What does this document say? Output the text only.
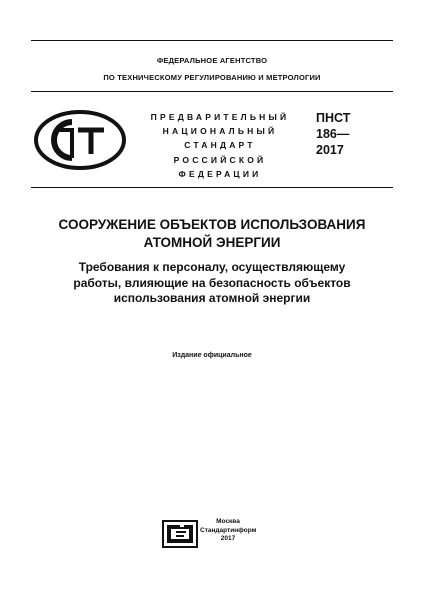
ФЕДЕРАЛЬНОЕ АГЕНТСТВО
ПО ТЕХНИЧЕСКОМУ РЕГУЛИРОВАНИЮ И МЕТРОЛОГИИ
ПРЕДВАРИТЕЛЬНЫЙ
НАЦИОНАЛЬНЫЙ
СТАНДАРТ
РОССИЙСКОЙ
ФЕДЕРАЦИИ
ПНСТ
186—
2017
СООРУЖЕНИЕ ОБЪЕКТОВ ИСПОЛЬЗОВАНИЯ
АТОМНОЙ ЭНЕРГИИ
Требования к персоналу, осуществляющему
работы, влияющие на безопасность объектов
использования атомной энергии
Издание официальное
Москва
Стандартинформ
2017
